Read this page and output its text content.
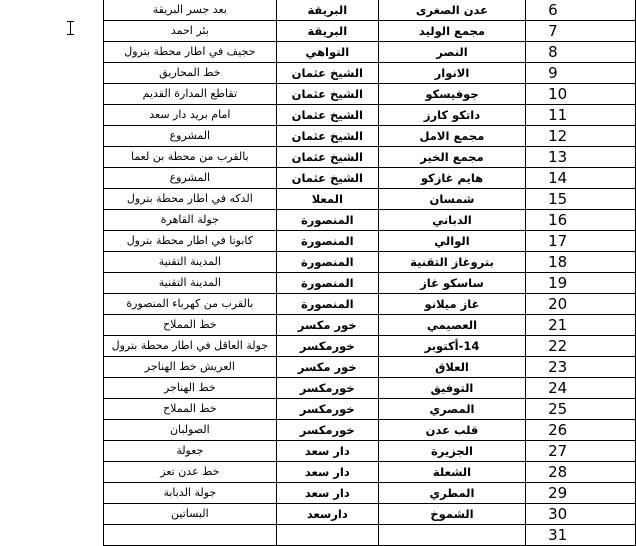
بعد جسر البريقة	البريقة	عدن الصغرى	6
بئر احمد	البريقة	مجمع الوليد	7
حجيف في اطار محطة بترول	التواهي	النصر	8
خط المحاريق	الشيخ عثمان	الانوار	9
تقاطع المدارة القديم	الشيخ عثمان	جوفيسكو	10
امام بريد دار سعد	الشيخ عثمان	داتكو كارز	11
المشروع	الشيخ عثمان	مجمع الامل	12
بالقرب من محطة بن لعما	الشيخ عثمان	مجمع الخير	13
المشروع	الشيخ عثمان	هايم غازكو	14
الدكه في اطار محطة بترول	المعلا	شمسان	15
جولة القاهرة	المنصورة	الدباني	16
كابوتا في اطار محطة بترول	المنصورة	الوالي	17
المدينة التقنية	المنصورة	بتروغاز التقنية	18
المدينة التقنية	المنصورة	ساسكو غاز	19
بالقرب من كهرباء المنصورة	المنصورة	غاز ميلانو	20
خط المملاح	خور مكسر	العصيمي	21
جولة العاقل في اطار محطة بترول	خورمكسر	14-أكتوبر	22
العريش خط الهناجر	خور مكسر	العلاق	23
خط الهناجر	خورمكسر	التوفيق	24
خط المملاح	خورمكسر	المصري	25
الصولبان	خورمكسر	قلب عدن	26
جعولة	دار سعد	الجزيرة	27
خط عدن تعز	دار سعد	الشعلة	28
جولة الدبابة	دار سعد	المطري	29
البساتين	دارسعد	الشموخ	30
			31
